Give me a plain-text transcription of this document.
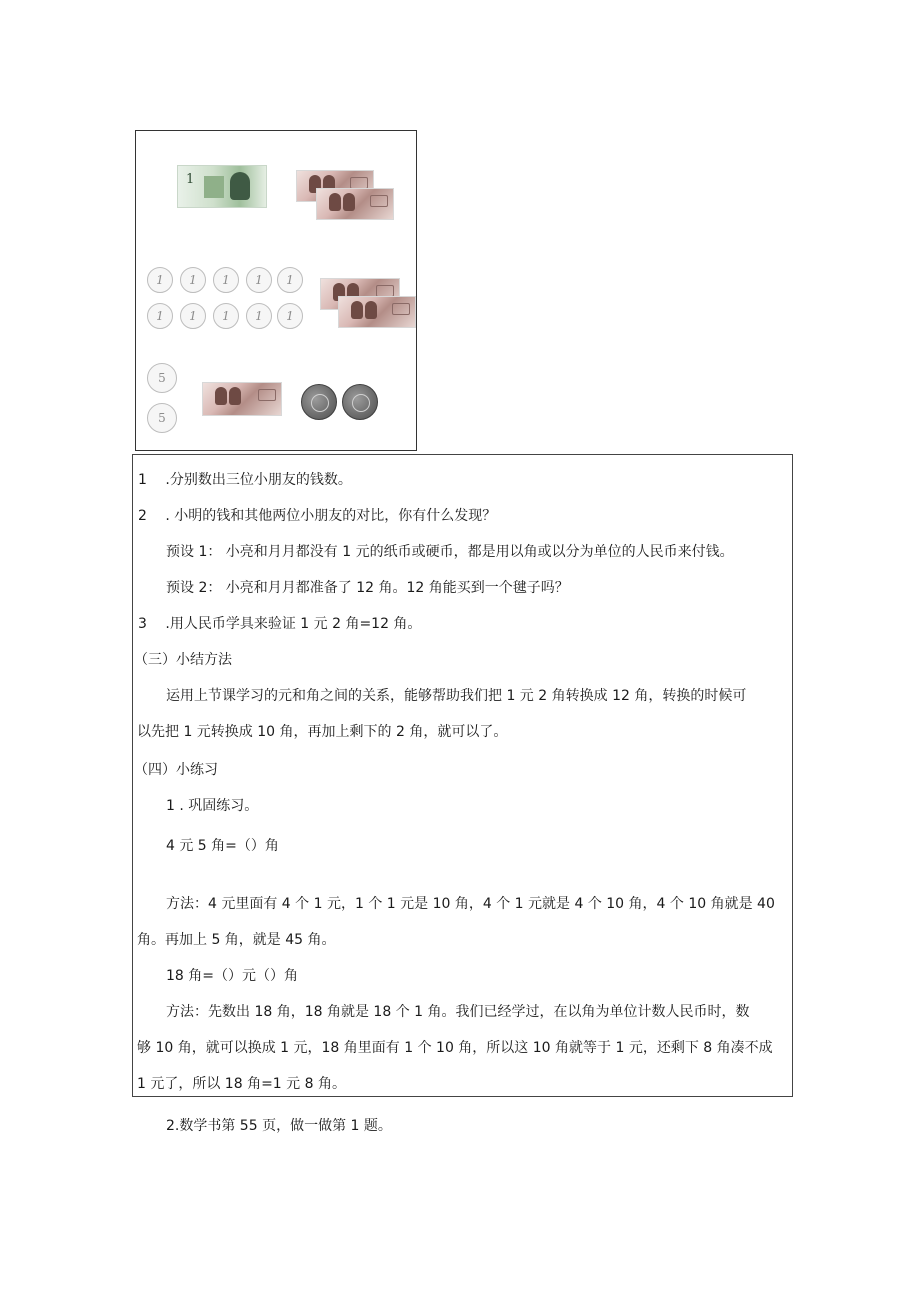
1
1	1	1	1	1
1	1	1	1	1
5
5
1 .分别数出三位小朋友的钱数。
2 . 小明的钱和其他两位小朋友的对比，你有什么发现？
预设 1： 小亮和月月都没有 1 元的纸币或硬币，都是用以角或以分为单位的人民币来付钱。
预设 2： 小亮和月月都准备了 12 角。12 角能买到一个毽子吗？
3 .用人民币学具来验证 1 元 2 角=12 角。
（三）小结方法
运用上节课学习的元和角之间的关系，能够帮助我们把 1 元 2 角转换成 12 角，转换的时候可
以先把 1 元转换成 10 角，再加上剩下的 2 角，就可以了。
（四）小练习
1 . 巩固练习。
4 元 5 角=（）角
方法：4 元里面有 4 个 1 元，1 个 1 元是 10 角，4 个 1 元就是 4 个 10 角，4 个 10 角就是 40
角。再加上 5 角，就是 45 角。
18 角=（）元（）角
方法：先数出 18 角，18 角就是 18 个 1 角。我们已经学过，在以角为单位计数人民币时，数
够 10 角，就可以换成 1 元，18 角里面有 1 个 10 角，所以这 10 角就等于 1 元，还剩下 8 角凑不成
1 元了，所以 18 角=1 元 8 角。
2.数学书第 55 页，做一做第 1 题。
